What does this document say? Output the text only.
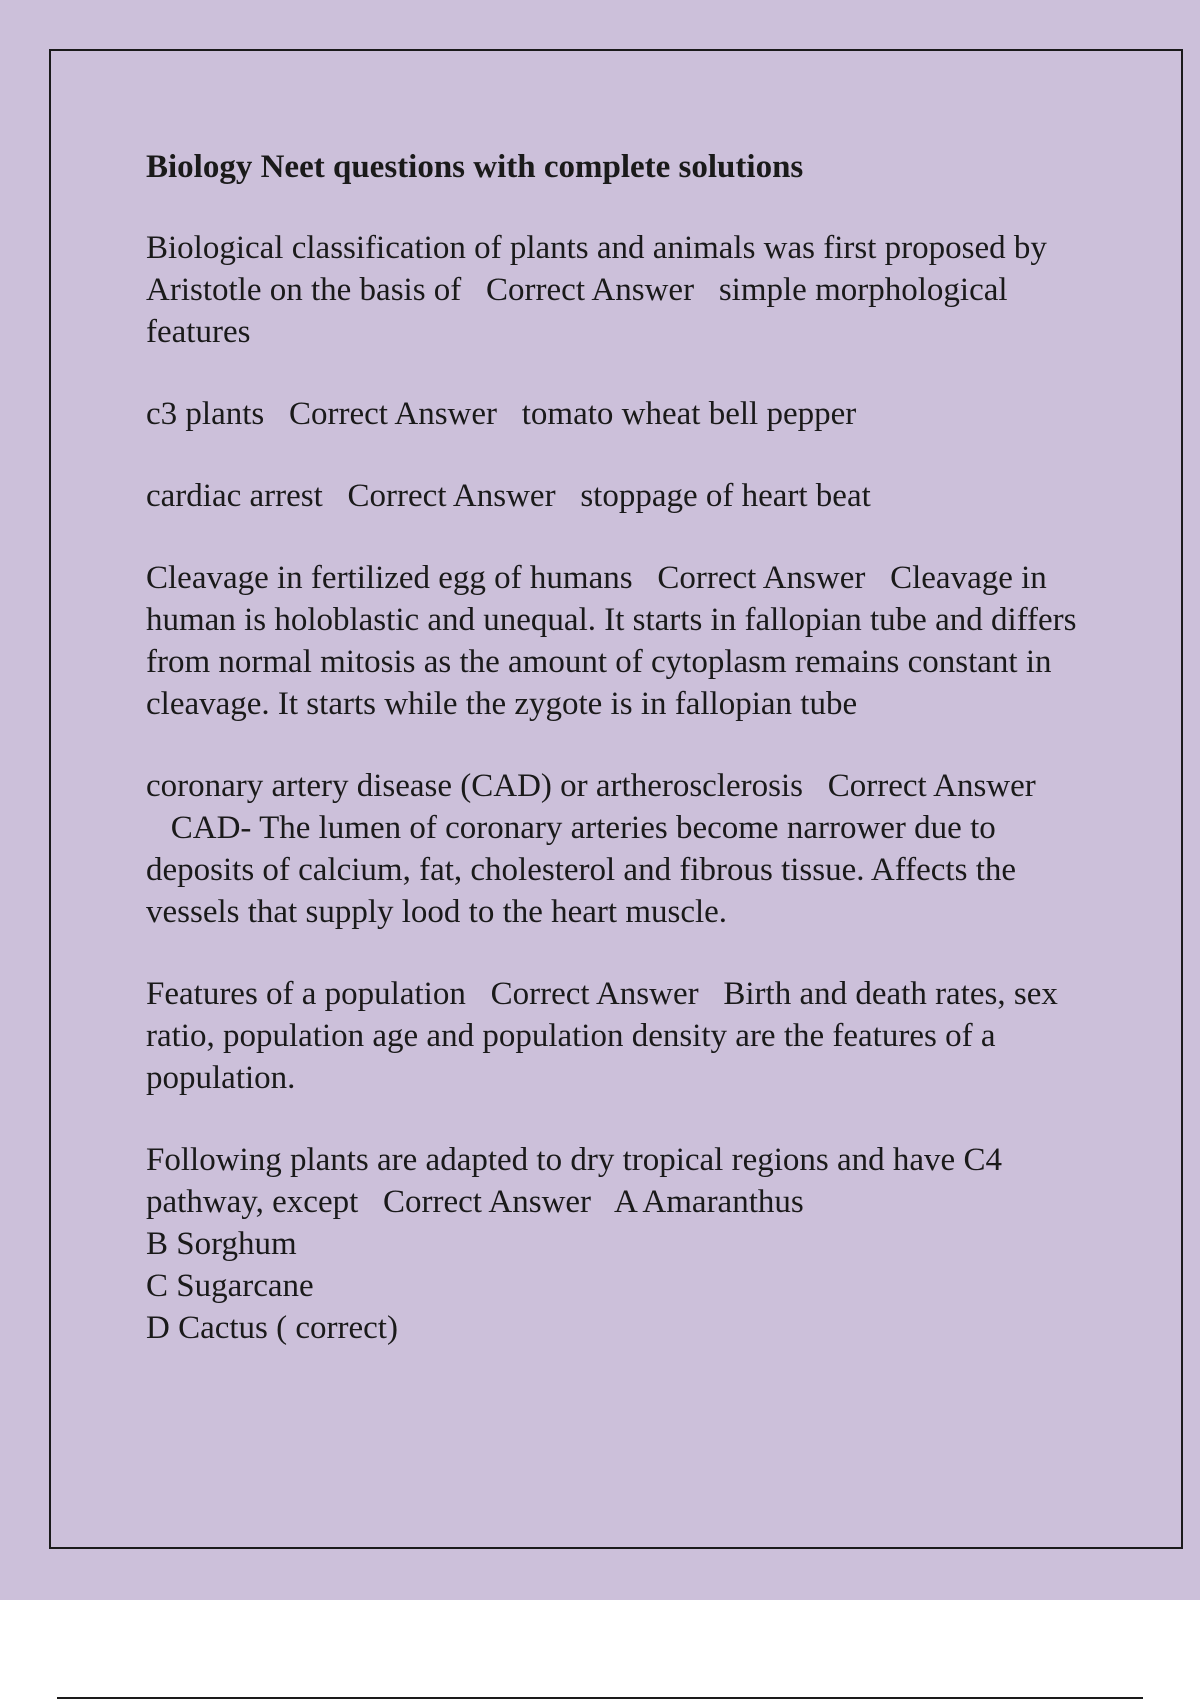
Biology Neet questions with complete solutions
Biological classification of plants and animals was first proposed by Aristotle on the basis of Correct Answer simple morphological features
c3 plants Correct Answer tomato wheat bell pepper
cardiac arrest Correct Answer stoppage of heart beat
Cleavage in fertilized egg of humans Correct Answer Cleavage in human is holoblastic and unequal. It starts in fallopian tube and differs from normal mitosis as the amount of cytoplasm remains constant in cleavage. It starts while the zygote is in fallopian tube
coronary artery disease (CAD) or artherosclerosis Correct Answer   CAD- The lumen of coronary arteries become narrower due to deposits of calcium, fat, cholesterol and fibrous tissue. Affects the vessels that supply lood to the heart muscle.
Features of a population Correct Answer Birth and death rates, sex ratio, population age and population density are the features of a population.
Following plants are adapted to dry tropical regions and have C4 pathway, except Correct Answer A Amaranthus
B Sorghum
C Sugarcane
D Cactus ( correct)
